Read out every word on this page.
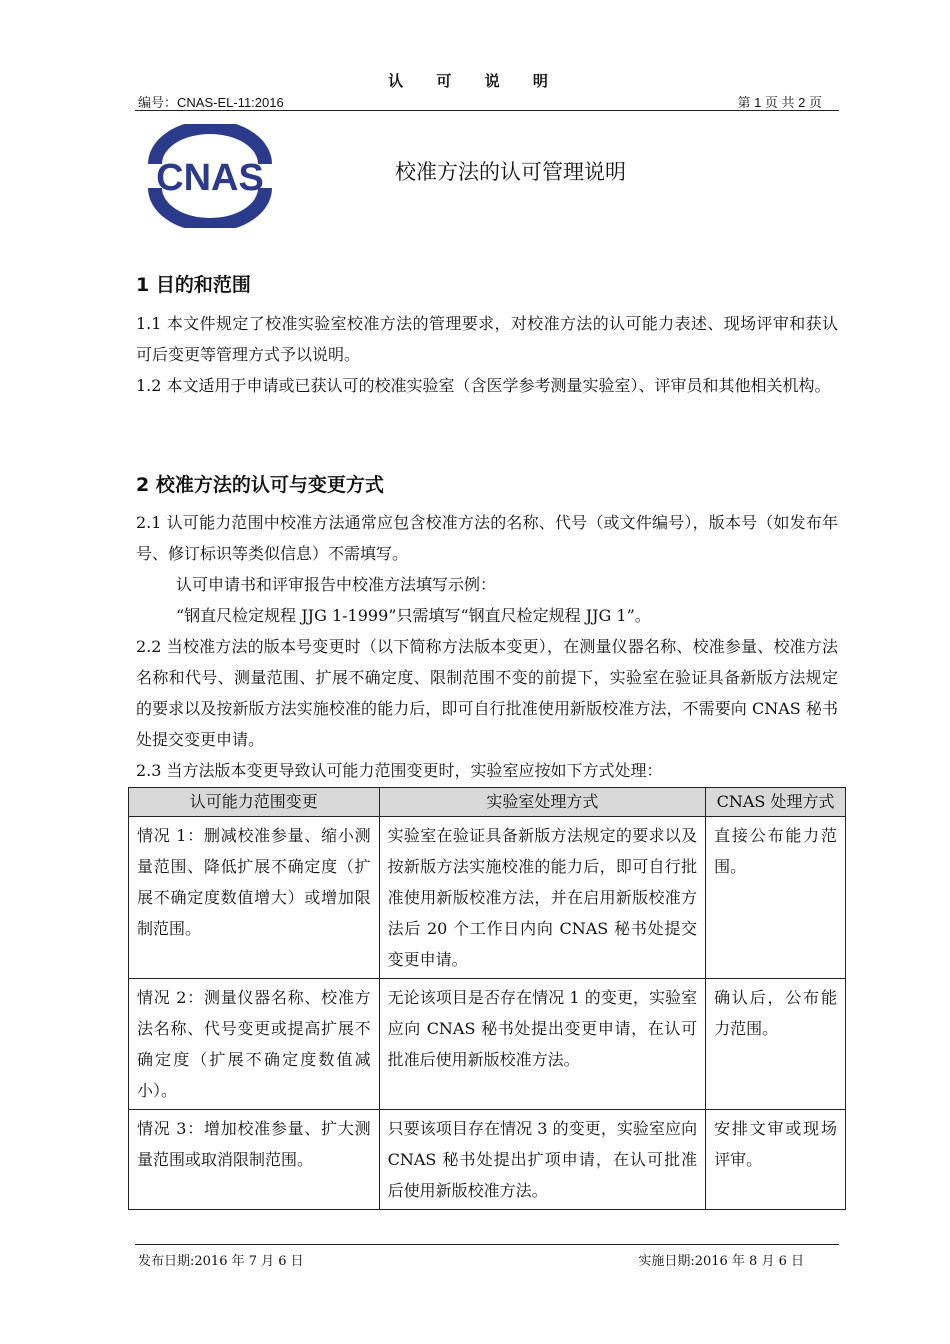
认 可 说 明
编号：CNAS-EL-11:2016	第 1 页 共 2 页
CNAS	校准方法的认可管理说明
1 目的和范围
1.1 本文件规定了校准实验室校准方法的管理要求，对校准方法的认可能力表述、现场评审和获认可后变更等管理方式予以说明。
1.2 本文适用于申请或已获认可的校准实验室（含医学参考测量实验室）、评审员和其他相关机构。
2 校准方法的认可与变更方式
2.1 认可能力范围中校准方法通常应包含校准方法的名称、代号（或文件编号），版本号（如发布年号、修订标识等类似信息）不需填写。
认可申请书和评审报告中校准方法填写示例：
“钢直尺检定规程 JJG 1-1999”只需填写“钢直尺检定规程 JJG 1”。
2.2 当校准方法的版本号变更时（以下简称方法版本变更），在测量仪器名称、校准参量、校准方法名称和代号、测量范围、扩展不确定度、限制范围不变的前提下，实验室在验证具备新版方法规定的要求以及按新版方法实施校准的能力后，即可自行批准使用新版校准方法，不需要向 CNAS 秘书处提交变更申请。
2.3 当方法版本变更导致认可能力范围变更时，实验室应按如下方式处理：
认可能力范围变更	实验室处理方式	CNAS 处理方式
情况 1：删减校准参量、缩小测量范围、降低扩展不确定度（扩展不确定度数值增大）或增加限制范围。	实验室在验证具备新版方法规定的要求以及按新版方法实施校准的能力后，即可自行批准使用新版校准方法，并在启用新版校准方法后 20 个工作日内向 CNAS 秘书处提交变更申请。	直接公布能力范围。
情况 2：测量仪器名称、校准方法名称、代号变更或提高扩展不确定度（扩展不确定度数值减小）。	无论该项目是否存在情况 1 的变更，实验室应向 CNAS 秘书处提出变更申请，在认可批准后使用新版校准方法。	确认后，公布能力范围。
情况 3：增加校准参量、扩大测量范围或取消限制范围。	只要该项目存在情况 3 的变更，实验室应向 CNAS 秘书处提出扩项申请，在认可批准后使用新版校准方法。	安排文审或现场评审。
发布日期:2016 年 7 月 6 日	实施日期:2016 年 8 月 6 日
